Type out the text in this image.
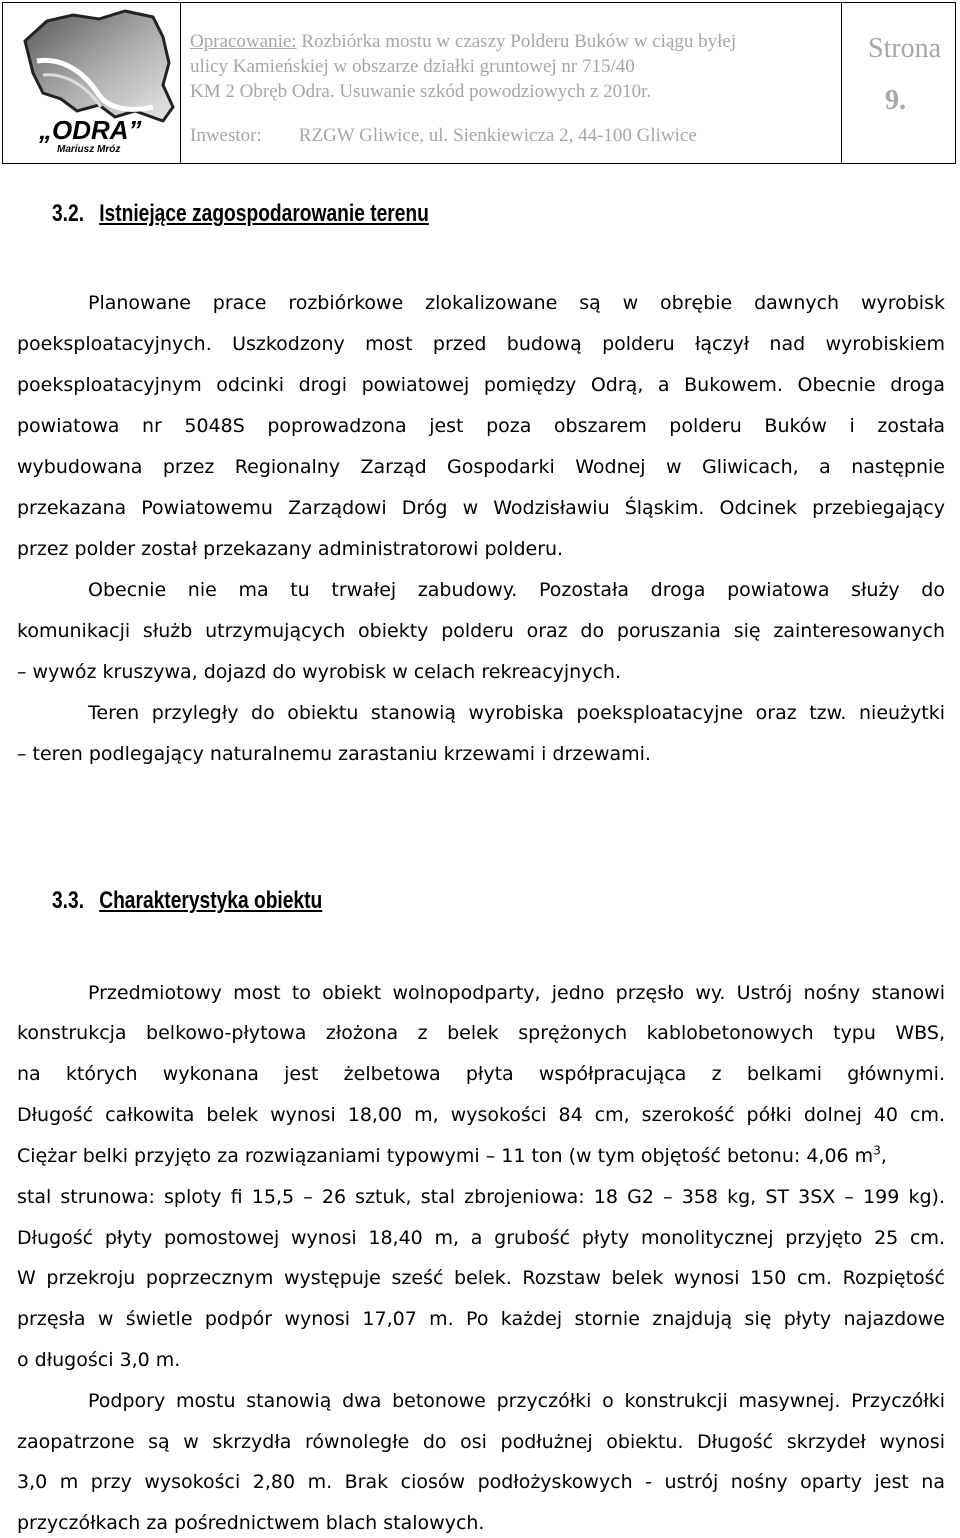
„ODRA”
Mariusz Mróz
Opracowanie: Rozbiórka mostu w czaszy Polderu Buków w ciągu byłej
ulicy Kamieńskiej w obszarze działki gruntowej nr 715/40
KM 2 Obręb Odra. Usuwanie szkód powodziowych z 2010r.
Inwestor: RZGW Gliwice, ul. Sienkiewicza 2, 44-100 Gliwice
Strona
9.
3.2. Istniejące zagospodarowanie terenu
Planowane prace rozbiórkowe zlokalizowane są w obrębie dawnych wyrobisk
poeksploatacyjnych. Uszkodzony most przed budową polderu łączył nad wyrobiskiem
poeksploatacyjnym odcinki drogi powiatowej pomiędzy Odrą, a Bukowem. Obecnie droga
powiatowa nr 5048S poprowadzona jest poza obszarem polderu Buków i została
wybudowana przez Regionalny Zarząd Gospodarki Wodnej w Gliwicach, a następnie
przekazana Powiatowemu Zarządowi Dróg w Wodzisławiu Śląskim. Odcinek przebiegający
przez polder został przekazany administratorowi polderu.
Obecnie nie ma tu trwałej zabudowy. Pozostała droga powiatowa służy do
komunikacji służb utrzymujących obiekty polderu oraz do poruszania się zainteresowanych
– wywóz kruszywa, dojazd do wyrobisk w celach rekreacyjnych.
Teren przyległy do obiektu stanowią wyrobiska poeksploatacyjne oraz tzw. nieużytki
– teren podlegający naturalnemu zarastaniu krzewami i drzewami.
3.3. Charakterystyka obiektu
Przedmiotowy most to obiekt wolnopodparty, jedno przęsło wy. Ustrój nośny stanowi
konstrukcja belkowo-płytowa złożona z belek sprężonych kablobetonowych typu WBS,
na których wykonana jest żelbetowa płyta współpracująca z belkami głównymi.
Długość całkowita belek wynosi 18,00 m, wysokości 84 cm, szerokość półki dolnej 40 cm.
Ciężar belki przyjęto za rozwiązaniami typowymi – 11 ton (w tym objętość betonu: 4,06 $m^3$,
stal strunowa: sploty fi 15,5 – 26 sztuk, stal zbrojeniowa: 18 G2 – 358 kg, ST 3SX – 199 kg).
Długość płyty pomostowej wynosi 18,40 m, a grubość płyty monolitycznej przyjęto 25 cm.
W przekroju poprzecznym występuje sześć belek. Rozstaw belek wynosi 150 cm. Rozpiętość
przęsła w świetle podpór wynosi 17,07 m. Po każdej stornie znajdują się płyty najazdowe
o długości 3,0 m.
Podpory mostu stanowią dwa betonowe przyczółki o konstrukcji masywnej. Przyczółki
zaopatrzone są w skrzydła równoległe do osi podłużnej obiektu. Długość skrzydeł wynosi
3,0 m przy wysokości 2,80 m. Brak ciosów podłożyskowych - ustrój nośny oparty jest na
przyczółkach za pośrednictwem blach stalowych.
